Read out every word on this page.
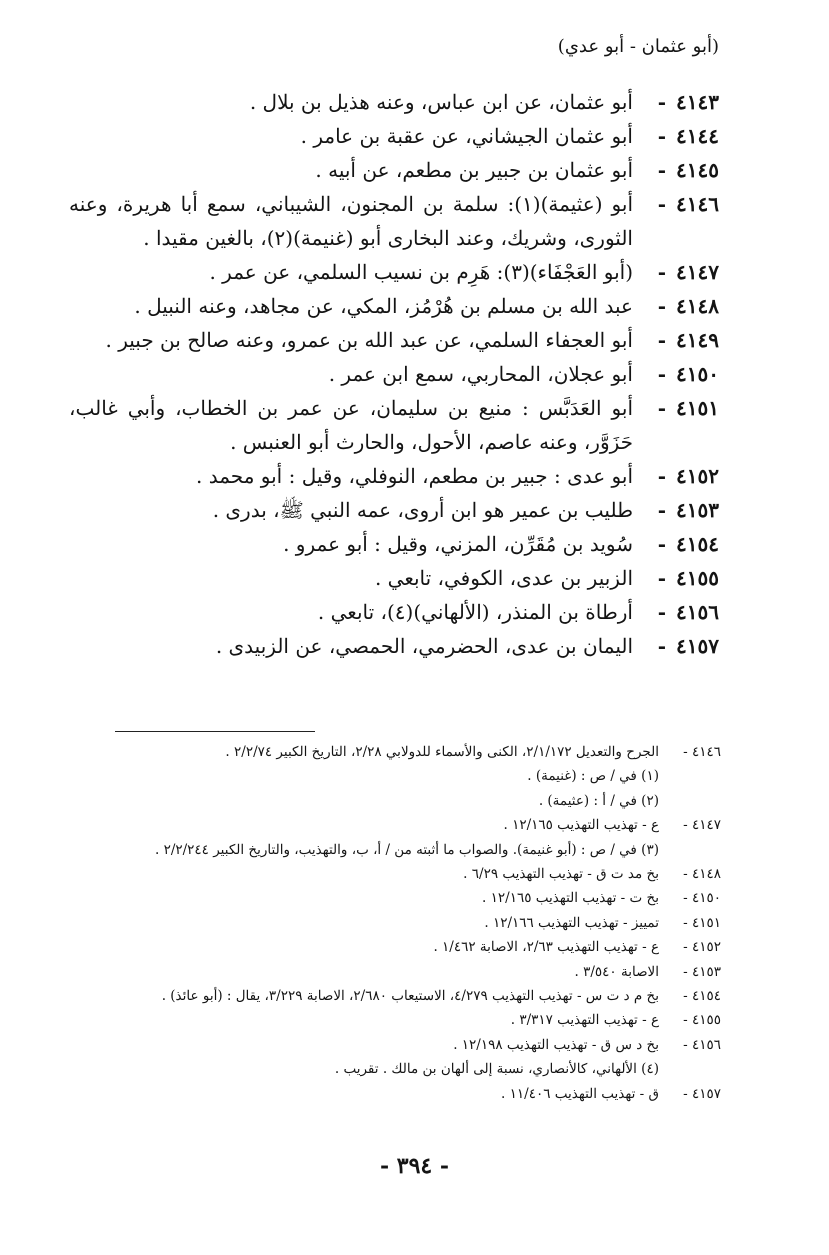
(أبو عثمان - أبو عدي)
٤١٤٣ -
أبو عثمان، عن ابن عباس، وعنه هذيل بن بلال .
٤١٤٤ -
أبو عثمان الجيشاني، عن عقبة بن عامر .
٤١٤٥ -
أبو عثمان بن جبير بن مطعم، عن أبيه .
٤١٤٦ -
أبو (عثيمة)(١): سلمة بن المجنون، الشيباني، سمع أبا هريرة، وعنه الثورى، وشريك، وعند البخارى أبو (غنيمة)(٢)، بالغين مقيدا .
٤١٤٧ -
(أبو العَجْفَاء)(٣): هَرِم بن نسيب السلمي، عن عمر .
٤١٤٨ -
عبد الله بن مسلم بن هُرْمُز، المكي، عن مجاهد، وعنه النبيل .
٤١٤٩ -
أبو العجفاء السلمي، عن عبد الله بن عمرو، وعنه صالح بن جبير .
٤١٥٠ -
أبو عجلان، المحاربي، سمع ابن عمر .
٤١٥١ -
أبو العَدَبَّس : منيع بن سليمان، عن عمر بن الخطاب، وأبي غالب، حَزَوَّر، وعنه عاصم، الأحول، والحارث أبو العنبس .
٤١٥٢ -
أبو عدى : جبير بن مطعم، النوفلي، وقيل : أبو محمد .
٤١٥٣ -
طليب بن عمير هو ابن أروى، عمه النبي ﷺ، بدرى .
٤١٥٤ -
سُويد بن مُقَرِّن، المزني، وقيل : أبو عمرو .
٤١٥٥ -
الزبير بن عدى، الكوفي، تابعي .
٤١٥٦ -
أرطاة بن المنذر، (الألهاني)(٤)، تابعي .
٤١٥٧ -
اليمان بن عدى، الحضرمي، الحمصي، عن الزبيدى .
٤١٤٦ -
الجرح والتعديل ٢/١/١٧٢، الكنى والأسماء للدولابي ٢/٢٨، التاريخ الكبير ٢/٢/٧٤ .
(١) في / ص : (غنيمة) .
(٢) في / أ : (عثيمة) .
٤١٤٧ -
ع - تهذيب التهذيب ١٢/١٦٥ .
(٣) في / ص : (أبو غنيمة). والصواب ما أثبته من / أ، ب، والتهذيب، والتاريخ الكبير ٢/٢/٢٤٤ .
٤١٤٨ -
بخ مد ت ق - تهذيب التهذيب ٦/٢٩ .
٤١٥٠ -
بخ ت - تهذيب التهذيب ١٢/١٦٥ .
٤١٥١ -
تمييز - تهذيب التهذيب ١٢/١٦٦ .
٤١٥٢ -
ع - تهذيب التهذيب ٢/٦٣، الاصابة ١/٤٦٢ .
٤١٥٣ -
الاصابة ٣/٥٤٠ .
٤١٥٤ -
بخ م د ت س - تهذيب التهذيب ٤/٢٧٩، الاستيعاب ٢/٦٨٠، الاصابة ٣/٢٢٩، يقال : (أبو عائذ) .
٤١٥٥ -
ع - تهذيب التهذيب ٣/٣١٧ .
٤١٥٦ -
بخ د س ق - تهذيب التهذيب ١٢/١٩٨ .
(٤) الألهاني، كالأنصاري، نسبة إلى ألهان بن مالك . تقريب .
٤١٥٧ -
ق - تهذيب التهذيب ١١/٤٠٦ .
- ٣٩٤ -
